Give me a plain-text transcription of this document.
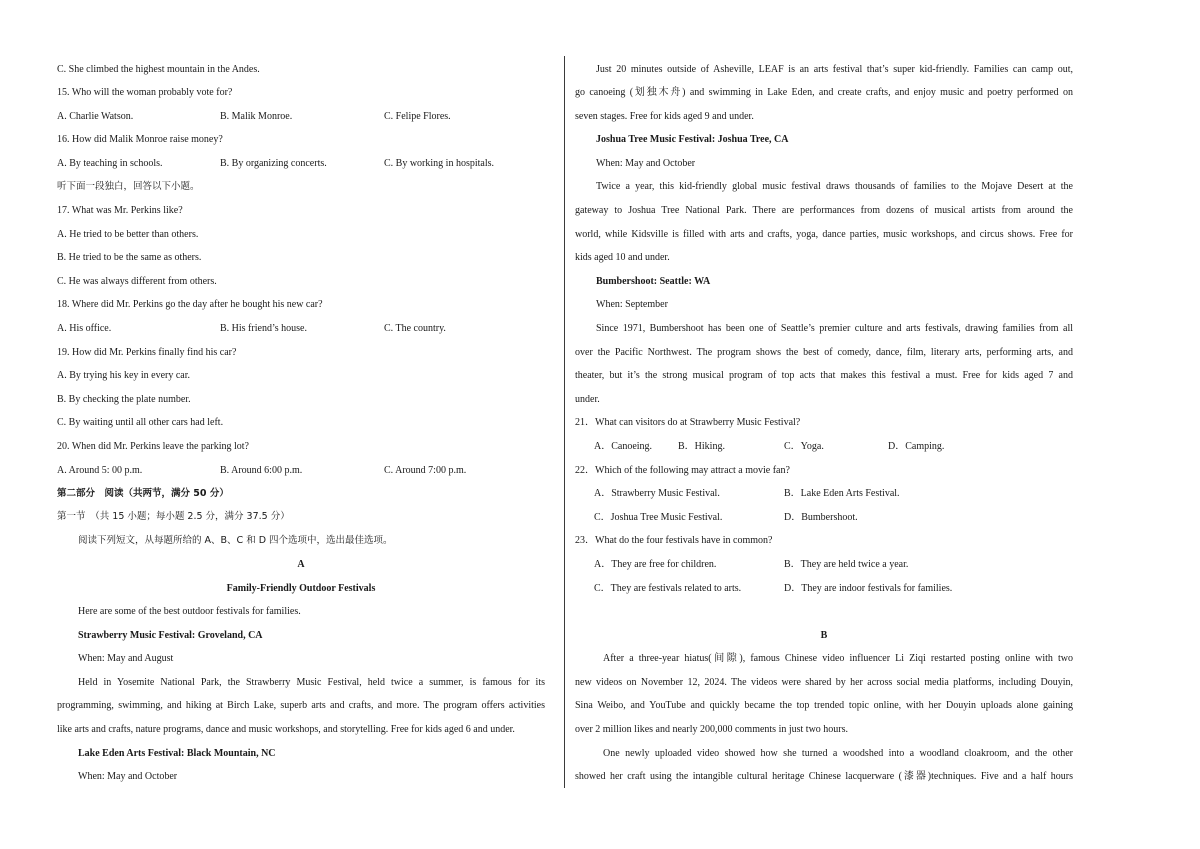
C. She climbed the highest mountain in the Andes.
15. Who will the woman probably vote for?
A. Charlie Watson.	B. Malik Monroe.	C. Felipe Flores.
16. How did Malik Monroe raise money?
A. By teaching in schools.	B. By organizing concerts.	C. By working in hospitals.
听下面一段独白，回答以下小题。
17. What was Mr. Perkins like?
A. He tried to be better than others.
B. He tried to be the same as others.
C. He was always different from others.
18. Where did Mr. Perkins go the day after he bought his new car?
A. His office.	B. His friend’s house.	C. The country.
19. How did Mr. Perkins finally find his car?
A. By trying his key in every car.
B. By checking the plate number.
C. By waiting until all other cars had left.
20. When did Mr. Perkins leave the parking lot?
A. Around 5: 00 p.m.	B. Around 6:00 p.m.	C. Around 7:00 p.m.
第二部分　阅读（共两节，满分 50 分）
第一节　（共 15 小题；每小题 2.5 分，满分 37.5 分）
阅读下列短文，从每题所给的 A、B、C 和 D 四个选项中，选出最佳选项。
A
Family-Friendly Outdoor Festivals
Here are some of the best outdoor festivals for families.
Strawberry Music Festival: Groveland, CA
When: May and August
Held in Yosemite National Park, the Strawberry Music Festival, held twice a summer, is famous for its
programming, swimming, and hiking at Birch Lake, superb arts and crafts, and more. The program offers activities
like arts and crafts, nature programs, dance and music workshops, and storytelling. Free for kids aged 6 and under.
Lake Eden Arts Festival: Black Mountain, NC
When: May and October
Just 20 minutes outside of Asheville, LEAF is an arts festival that’s super kid-friendly. Families can camp out,
go canoeing (划独木舟) and swimming in Lake Eden, and create crafts, and enjoy music and poetry performed on
seven stages. Free for kids aged 9 and under.
Joshua Tree Music Festival: Joshua Tree, CA
When: May and October
Twice a year, this kid-friendly global music festival draws thousands of families to the Mojave Desert at the
gateway to Joshua Tree National Park. There are performances from dozens of musical artists from around the
world, while Kidsville is filled with arts and crafts, yoga, dance parties, music workshops, and circus shows. Free for
kids aged 10 and under.
Bumbershoot: Seattle: WA
When: September
Since 1971, Bumbershoot has been one of Seattle’s premier culture and arts festivals, drawing families from all
over the Pacific Northwest. The program shows the best of comedy, dance, film, literary arts, performing arts, and
theater, but it’s the strong musical program of top acts that makes this festival a must. Free for kids aged 7 and
under.
21．What can visitors do at Strawberry Music Festival?
A．Canoeing.	B．Hiking.	C．Yoga.	D．Camping.
22．Which of the following may attract a movie fan?
A．Strawberry Music Festival.	B．Lake Eden Arts Festival.
C．Joshua Tree Music Festival.	D．Bumbershoot.
23．What do the four festivals have in common?
A．They are free for children.	B．They are held twice a year.
C．They are festivals related to arts.	D．They are indoor festivals for families.
B
After a three-year hiatus(间隙), famous Chinese video influencer Li Ziqi restarted posting online with two
new videos on November 12, 2024. The videos were shared by her across social media platforms, including Douyin,
Sina Weibo, and YouTube and quickly became the top trended topic online, with her Douyin uploads alone gaining
over 2 million likes and nearly 200,000 comments in just two hours.
One newly uploaded video showed how she turned a woodshed into a woodland cloakroom, and the other
showed her craft using the intangible cultural heritage Chinese lacquerware (漆器)techniques. Five and a half hours
